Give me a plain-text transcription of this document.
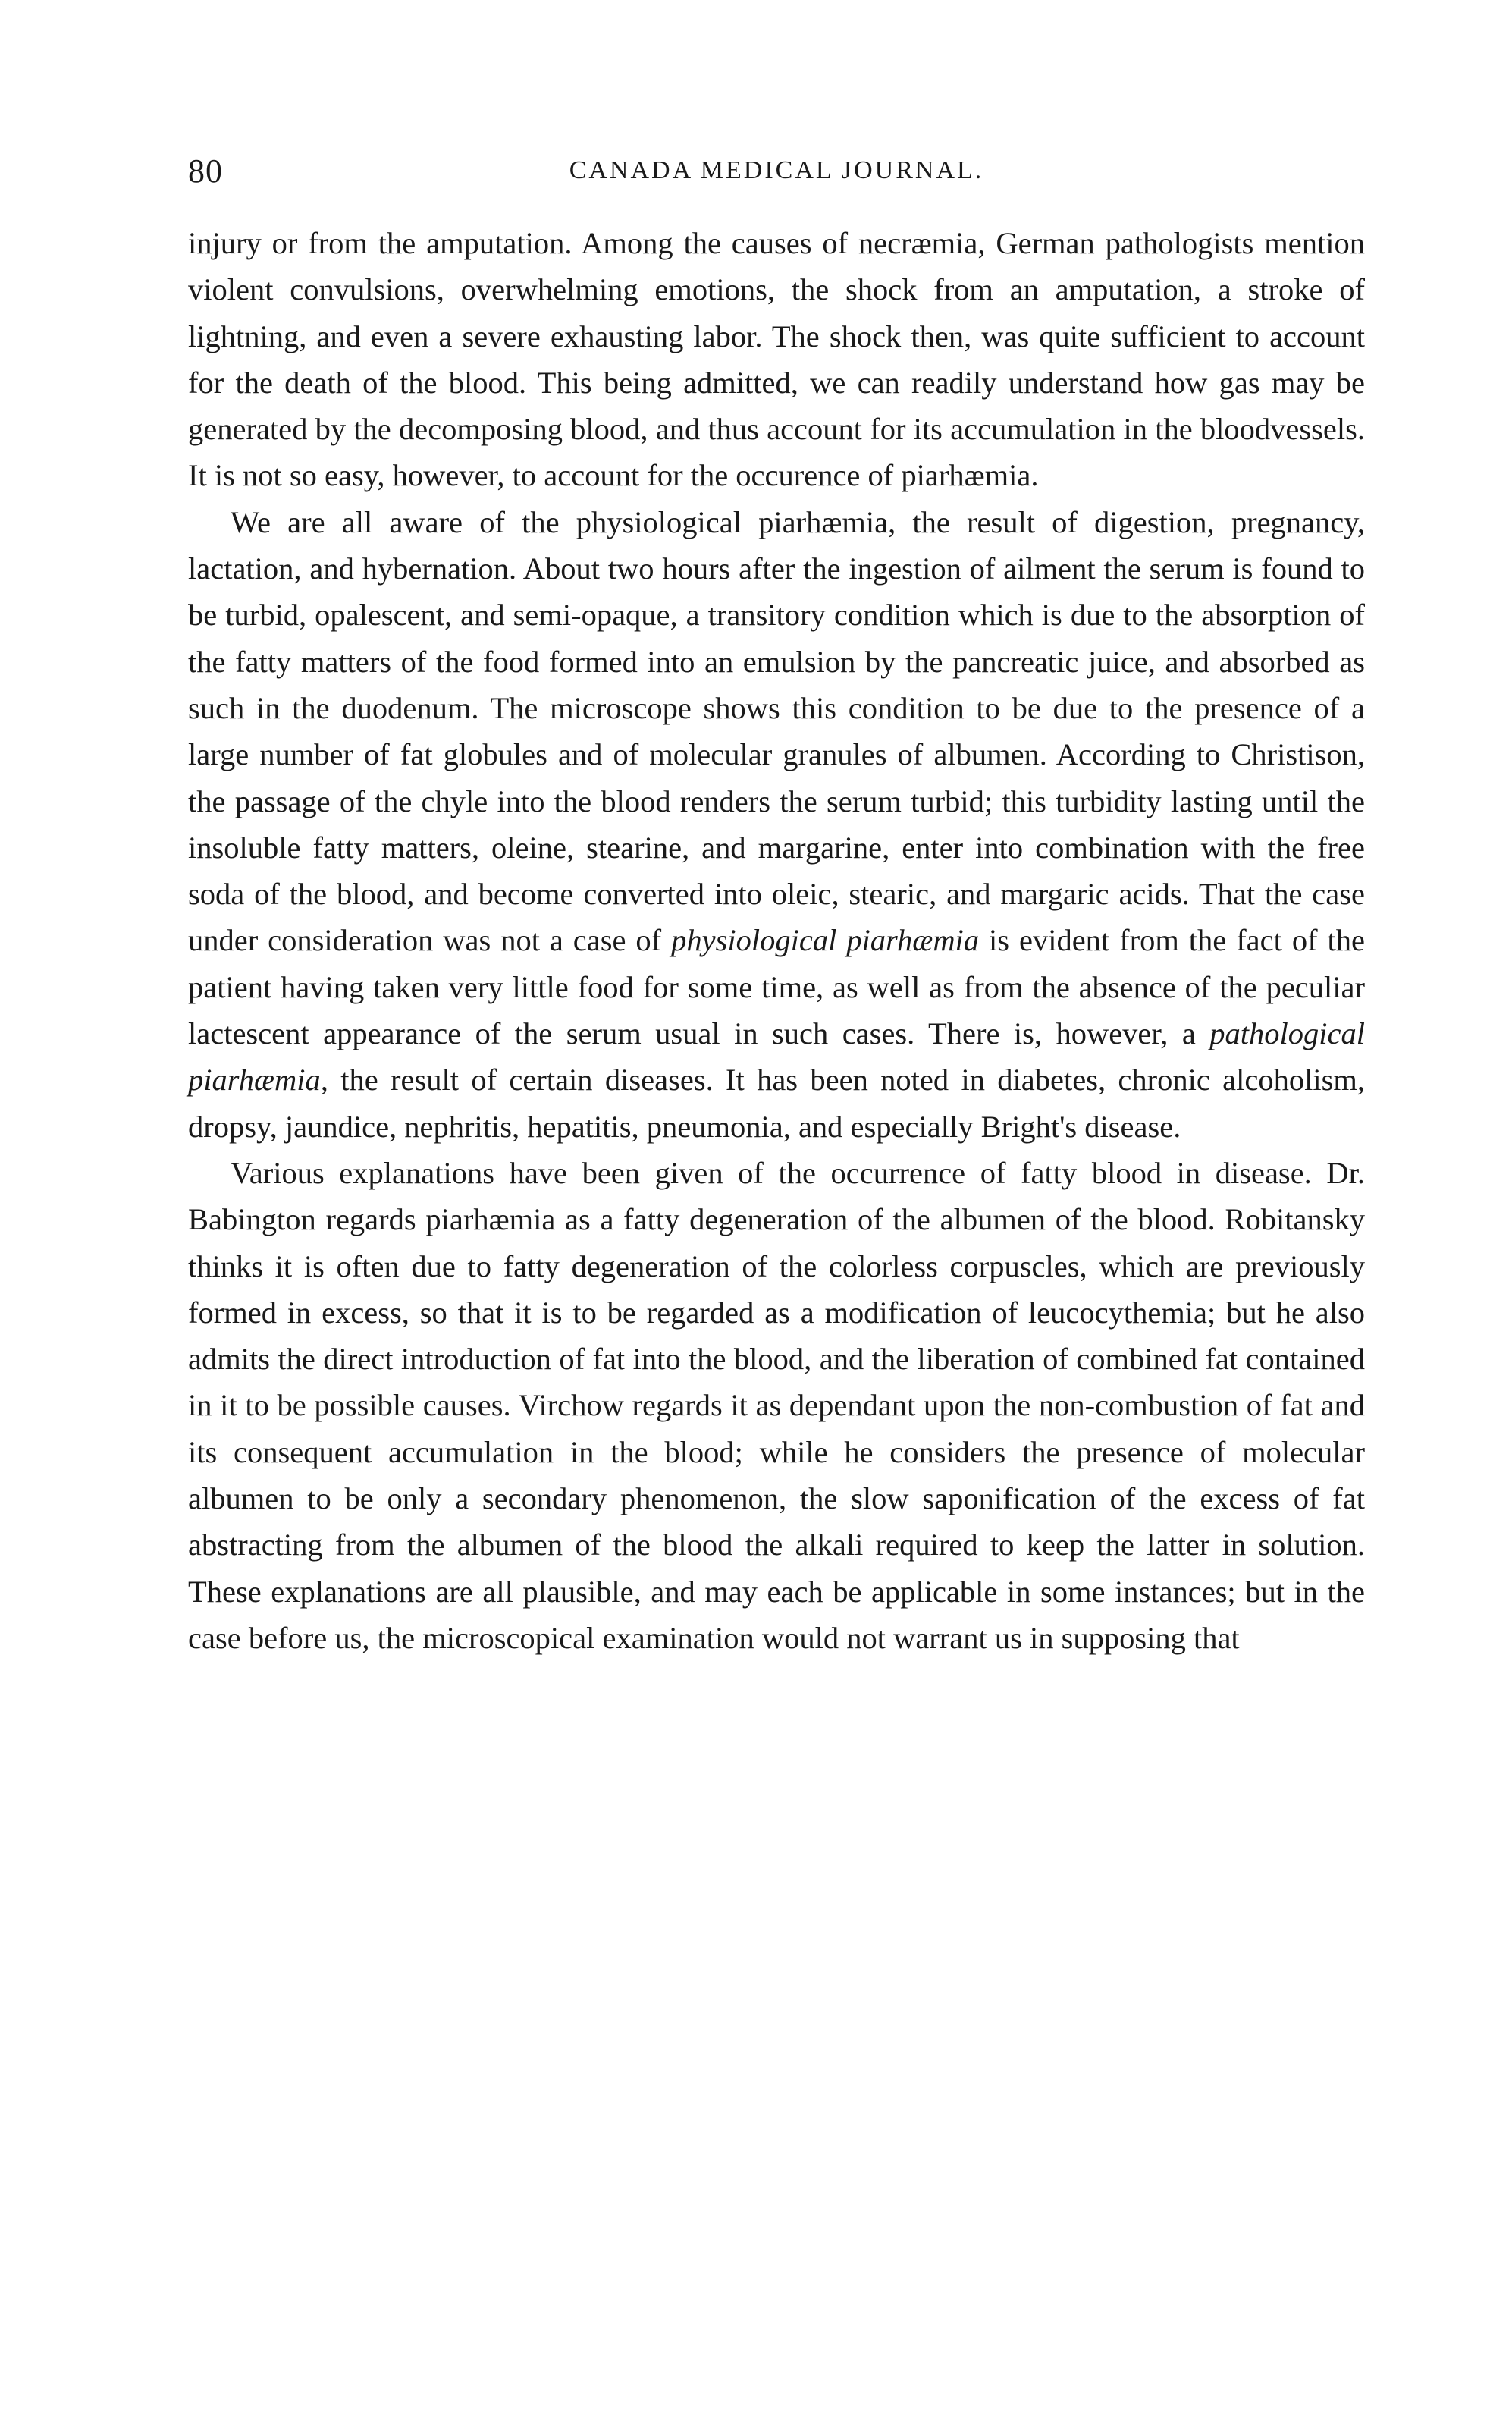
80	CANADA MEDICAL JOURNAL.

injury or from the amputation. Among the causes of necræmia, German pathologists mention violent convulsions, overwhelming emotions, the shock from an amputation, a stroke of lightning, and even a severe exhausting labor. The shock then, was quite sufficient to account for the death of the blood. This being admitted, we can readily understand how gas may be generated by the decomposing blood, and thus account for its accumulation in the bloodvessels. It is not so easy, however, to account for the occurence of piarhæmia.

We are all aware of the physiological piarhæmia, the result of digestion, pregnancy, lactation, and hybernation. About two hours after the ingestion of ailment the serum is found to be turbid, opalescent, and semi-opaque, a transitory condition which is due to the absorption of the fatty matters of the food formed into an emulsion by the pancreatic juice, and absorbed as such in the duodenum. The microscope shows this condition to be due to the presence of a large number of fat globules and of molecular granules of albumen. According to Christison, the passage of the chyle into the blood renders the serum turbid; this turbidity lasting until the insoluble fatty matters, oleine, stearine, and margarine, enter into combination with the free soda of the blood, and become converted into oleic, stearic, and margaric acids. That the case under consideration was not a case of physiological piarhæmia is evident from the fact of the patient having taken very little food for some time, as well as from the absence of the peculiar lactescent appearance of the serum usual in such cases. There is, however, a pathological piarhæmia, the result of certain diseases. It has been noted in diabetes, chronic alcoholism, dropsy, jaundice, nephritis, hepatitis, pneumonia, and especially Bright's disease.

Various explanations have been given of the occurrence of fatty blood in disease. Dr. Babington regards piarhæmia as a fatty degeneration of the albumen of the blood. Robitansky thinks it is often due to fatty degeneration of the colorless corpuscles, which are previously formed in excess, so that it is to be regarded as a modification of leucocythemia; but he also admits the direct introduction of fat into the blood, and the liberation of combined fat contained in it to be possible causes. Virchow regards it as dependant upon the non-combustion of fat and its consequent accumulation in the blood; while he considers the presence of molecular albumen to be only a secondary phenomenon, the slow saponification of the excess of fat abstracting from the albumen of the blood the alkali required to keep the latter in solution. These explanations are all plausible, and may each be applicable in some instances; but in the case before us, the microscopical examination would not warrant us in supposing that
